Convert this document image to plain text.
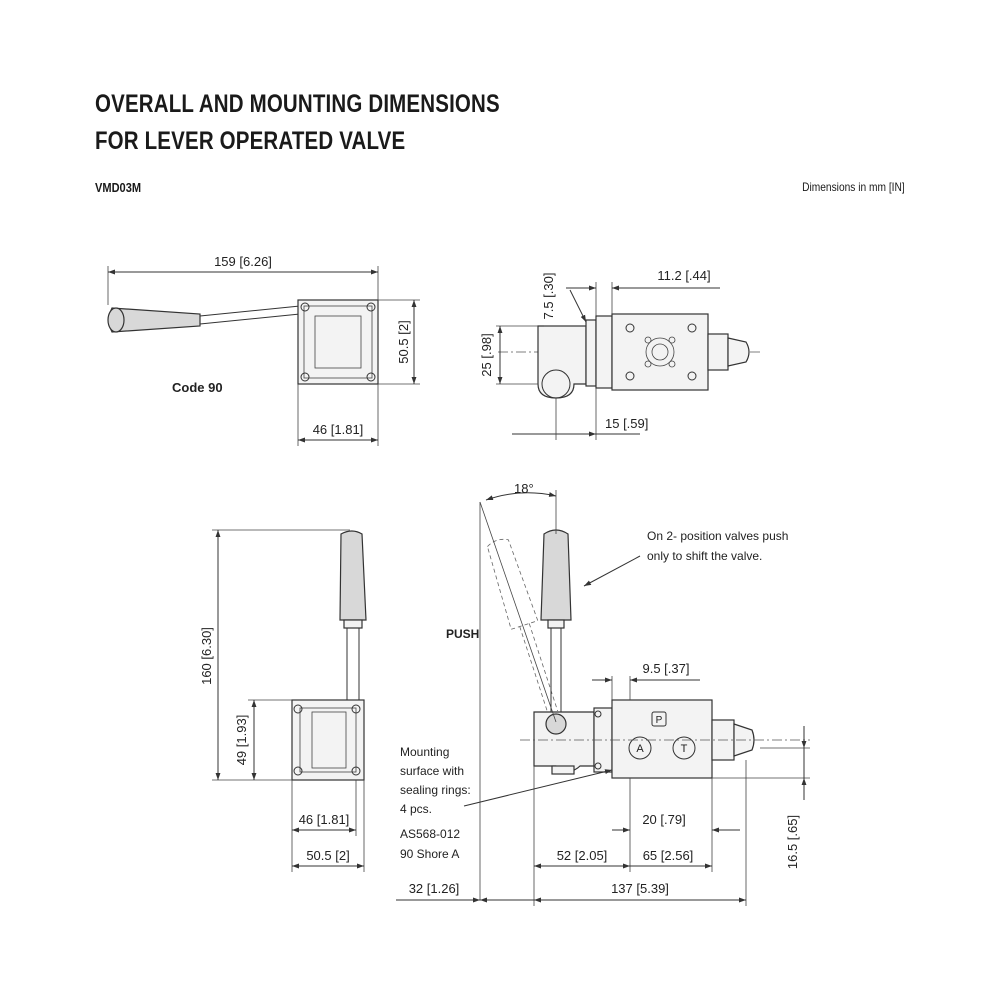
OVERALL AND MOUNTING DIMENSIONS
FOR LEVER OPERATED VALVE
VMD03M	Dimensions in mm [IN]
159 [6.26]
50.5 [2]
46 [1.81]
Code 90
7.5 [.30]	11.2 [.44]
25 [.98]
15 [.59]
160 [6.30]
49 [1.93]
46 [1.81]
50.5 [2]
P
A	T
18°
PUSH
On 2- position valves push
only to shift the valve.
9.5 [.37]
20 [.79]
52 [2.05]	65 [2.56]
32 [1.26]	137 [5.39]
16.5 [.65]
Mounting
surface with
sealing rings:
4 pcs.
AS568-012
90 Shore A
